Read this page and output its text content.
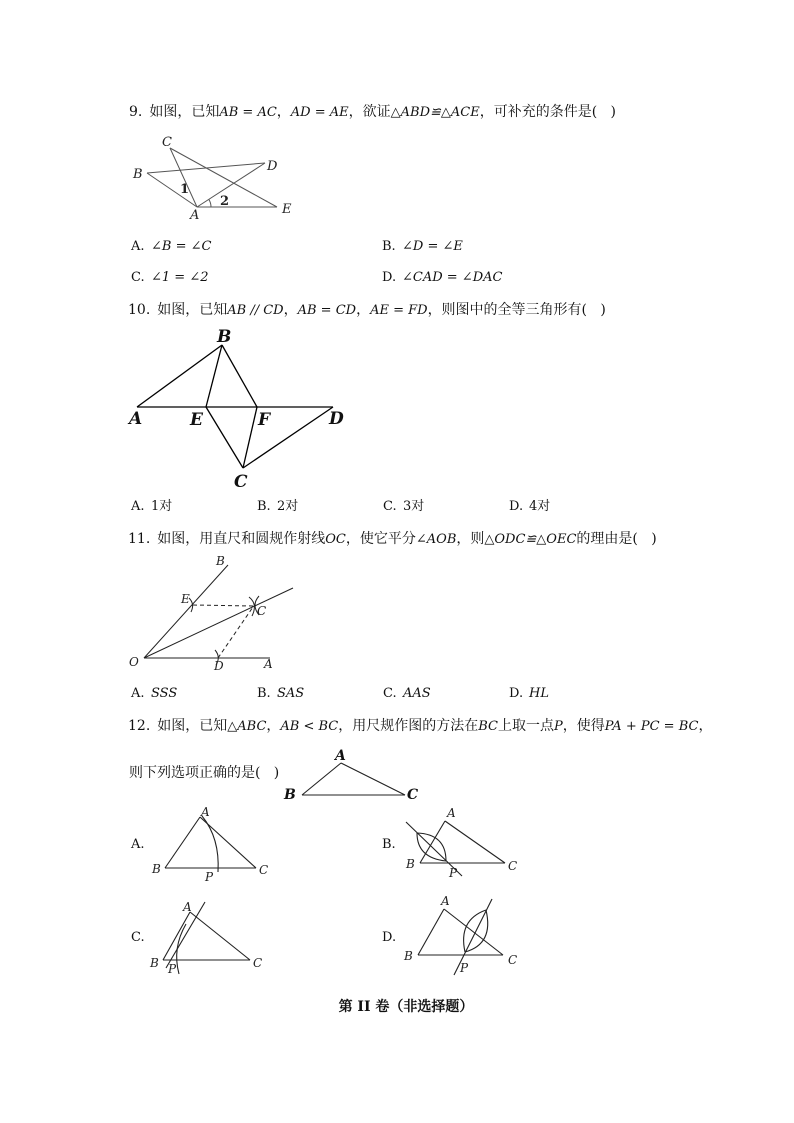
9. 如图，已知AB = AC，AD = AE，欲证△ABD≌△ACE，可补充的条件是(   )
A. ∠B = ∠C	B. ∠D = ∠E
C. ∠1 = ∠2	D. ∠CAD = ∠DAC
10. 如图，已知AB // CD，AB = CD，AE = FD，则图中的全等三角形有(   )
A. 1对	B. 2对	C. 3对	D. 4对
11. 如图，用直尺和圆规作射线OC，使它平分∠AOB，则△ODC≌△OEC的理由是(   )
A. SSS	B. SAS	C. AAS	D. HL
12. 如图，已知△ABC，AB < BC，用尺规作图的方法在BC上取一点P，使得PA + PC = BC，
则下列选项正确的是(   )
A.	B.
C.	D.
第 II 卷（非选择题）
C
B
D
1
2
A	E
B
A	E	F	D
C
B
E
C
O	D	A
A
B	C
A
B
P	C
A
B
P	C
A
B P	C
A
B
P
C
